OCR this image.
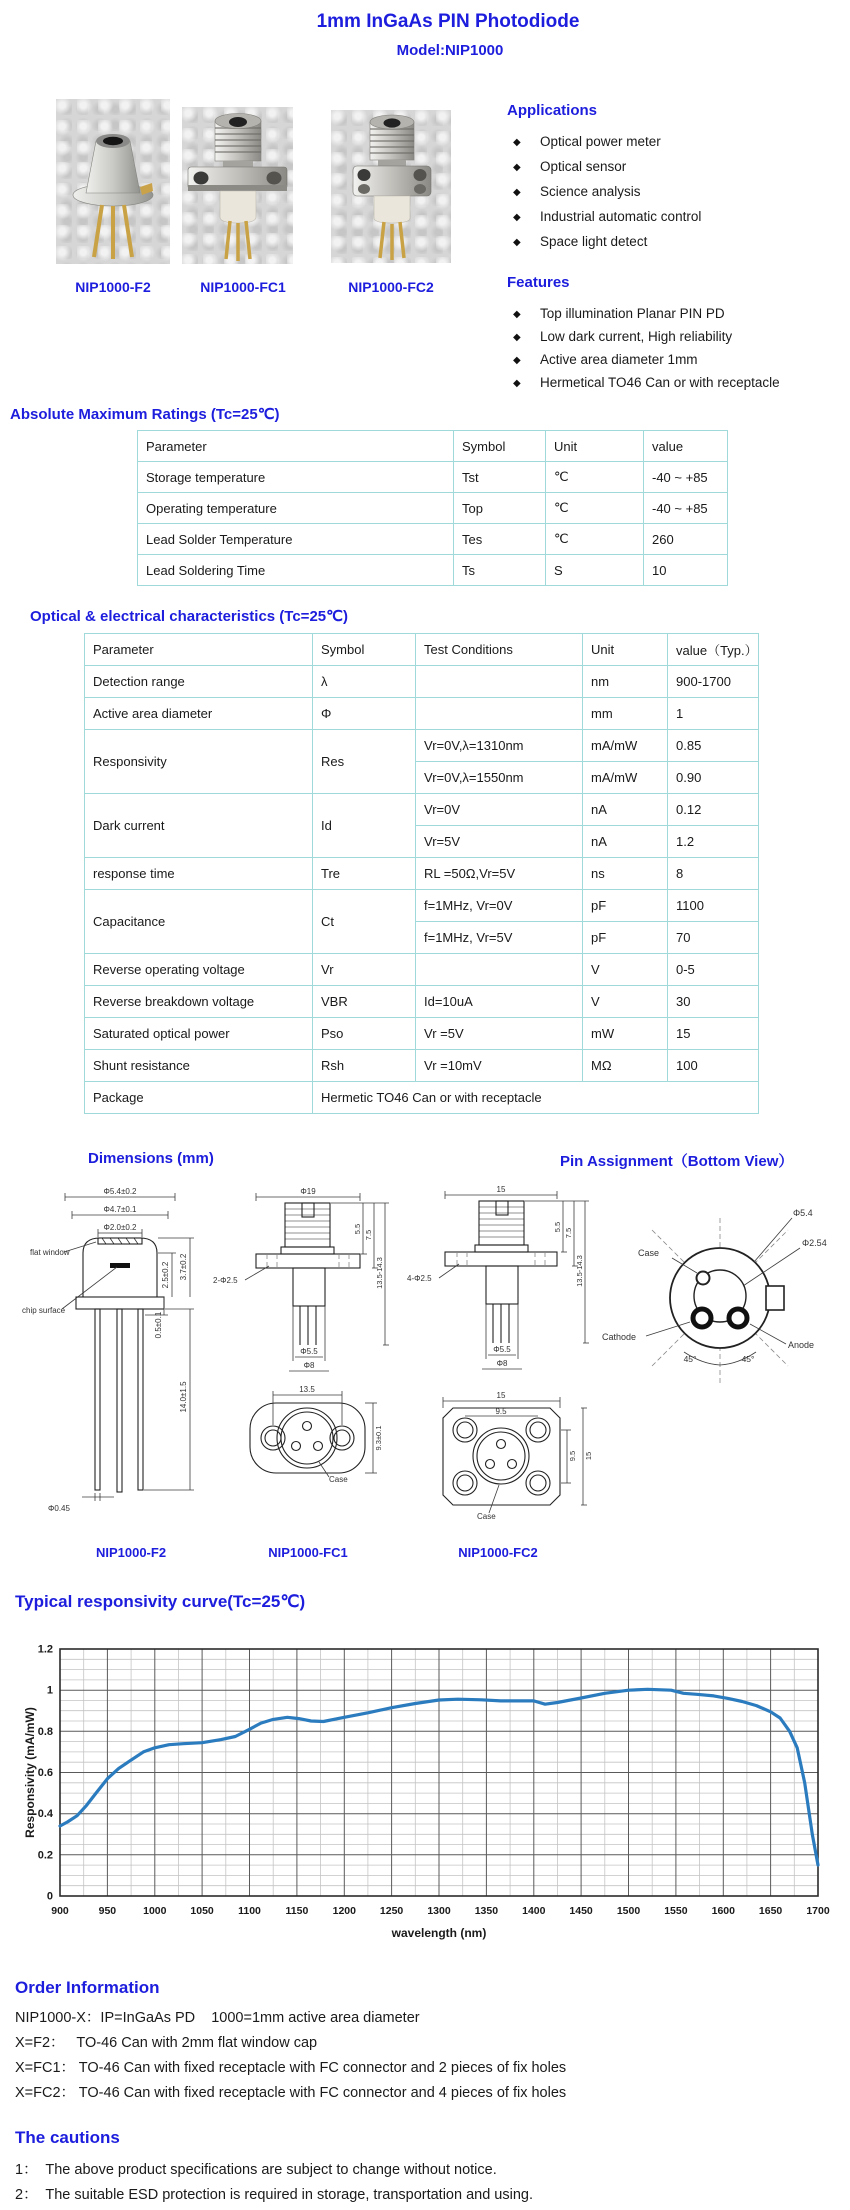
1mm InGaAs PIN Photodiode
Model:NIP1000
NIP1000-F2	NIP1000-FC1	NIP1000-FC2
Applications
◆	Optical power meter
◆	Optical sensor
◆	Science analysis
◆	Industrial automatic control
◆	Space light detect
Features
◆	Top illumination Planar PIN PD
◆	Low dark current, High reliability
◆	Active area diameter 1mm
◆	Hermetical TO46 Can or with receptacle
Absolute Maximum Ratings (Tc=25℃)
Parameter	Symbol	Unit	value
Storage temperature	Tst	℃	-40 ~ +85
Operating temperature	Top	℃	-40 ~ +85
Lead Solder Temperature	Tes	℃	260
Lead Soldering Time	Ts	S	10
Optical & electrical characteristics (Tc=25℃)
Parameter	Symbol	Test Conditions	Unit	value（Typ.）
Detection range	λ		nm	900-1700
Active area diameter	Φ		mm	1
Responsivity	Res	Vr=0V,λ=1310nm	mA/mW	0.85
		Vr=0V,λ=1550nm	mA/mW	0.90
Dark current	Id	Vr=0V	nA	0.12
		Vr=5V	nA	1.2
response time	Tre	RL =50Ω,Vr=5V	ns	8
Capacitance	Ct	f=1MHz, Vr=0V	pF	1100
		f=1MHz, Vr=5V	pF	70
Reverse operating voltage	Vr		V	0-5
Reverse breakdown voltage	VBR	Id=10uA	V	30
Saturated optical power	Pso	Vr =5V	mW	15
Shunt resistance	Rsh	Vr =10mV	MΩ	100
Package	Hermetic TO46 Can or with receptacle			
Dimensions (mm)	Pin Assignment（Bottom View）
Φ5.4±0.2
Φ4.7±0.1
Φ2.0±0.2
flat window
chip surface
2.5±0.2 3.7±0.2
0.5±0.1
14.0±1.5
Φ0.45
Φ19
2-Φ2.5
Φ5.5
Φ8
5.5
7.5
13.5-14.3
13.5
9.3±0.1
Case
15
4-Φ2.5
Φ5.5
Φ8
5.5
7.5
13.5-14.3
15
9.5
9.5 15
Case
Φ5.4
Φ2.54
Case
Cathode
Anode
45°	45°
NIP1000-F2	NIP1000-FC1	NIP1000-FC2
Typical responsivity curve(Tc=25℃)
0
0.2
0.4
0.6
0.8
1
1.2
900	950	1000 1050 1100 1150 1200 1250 1300 1350 1400 1450 1500 1550 1600 1650 1700
wavelength (nm)
Responsivity (mA/mW)
Order Information
NIP1000-X：IP=InGaAs PD    1000=1mm active area diameter
X=F2：   TO-46 Can with 2mm flat window cap
X=FC1： TO-46 Can with fixed receptacle with FC connector and 2 pieces of fix holes
X=FC2： TO-46 Can with fixed receptacle with FC connector and 4 pieces of fix holes
The cautions
1：  The above product specifications are subject to change without notice.
2：  The suitable ESD protection is required in storage, transportation and using.
